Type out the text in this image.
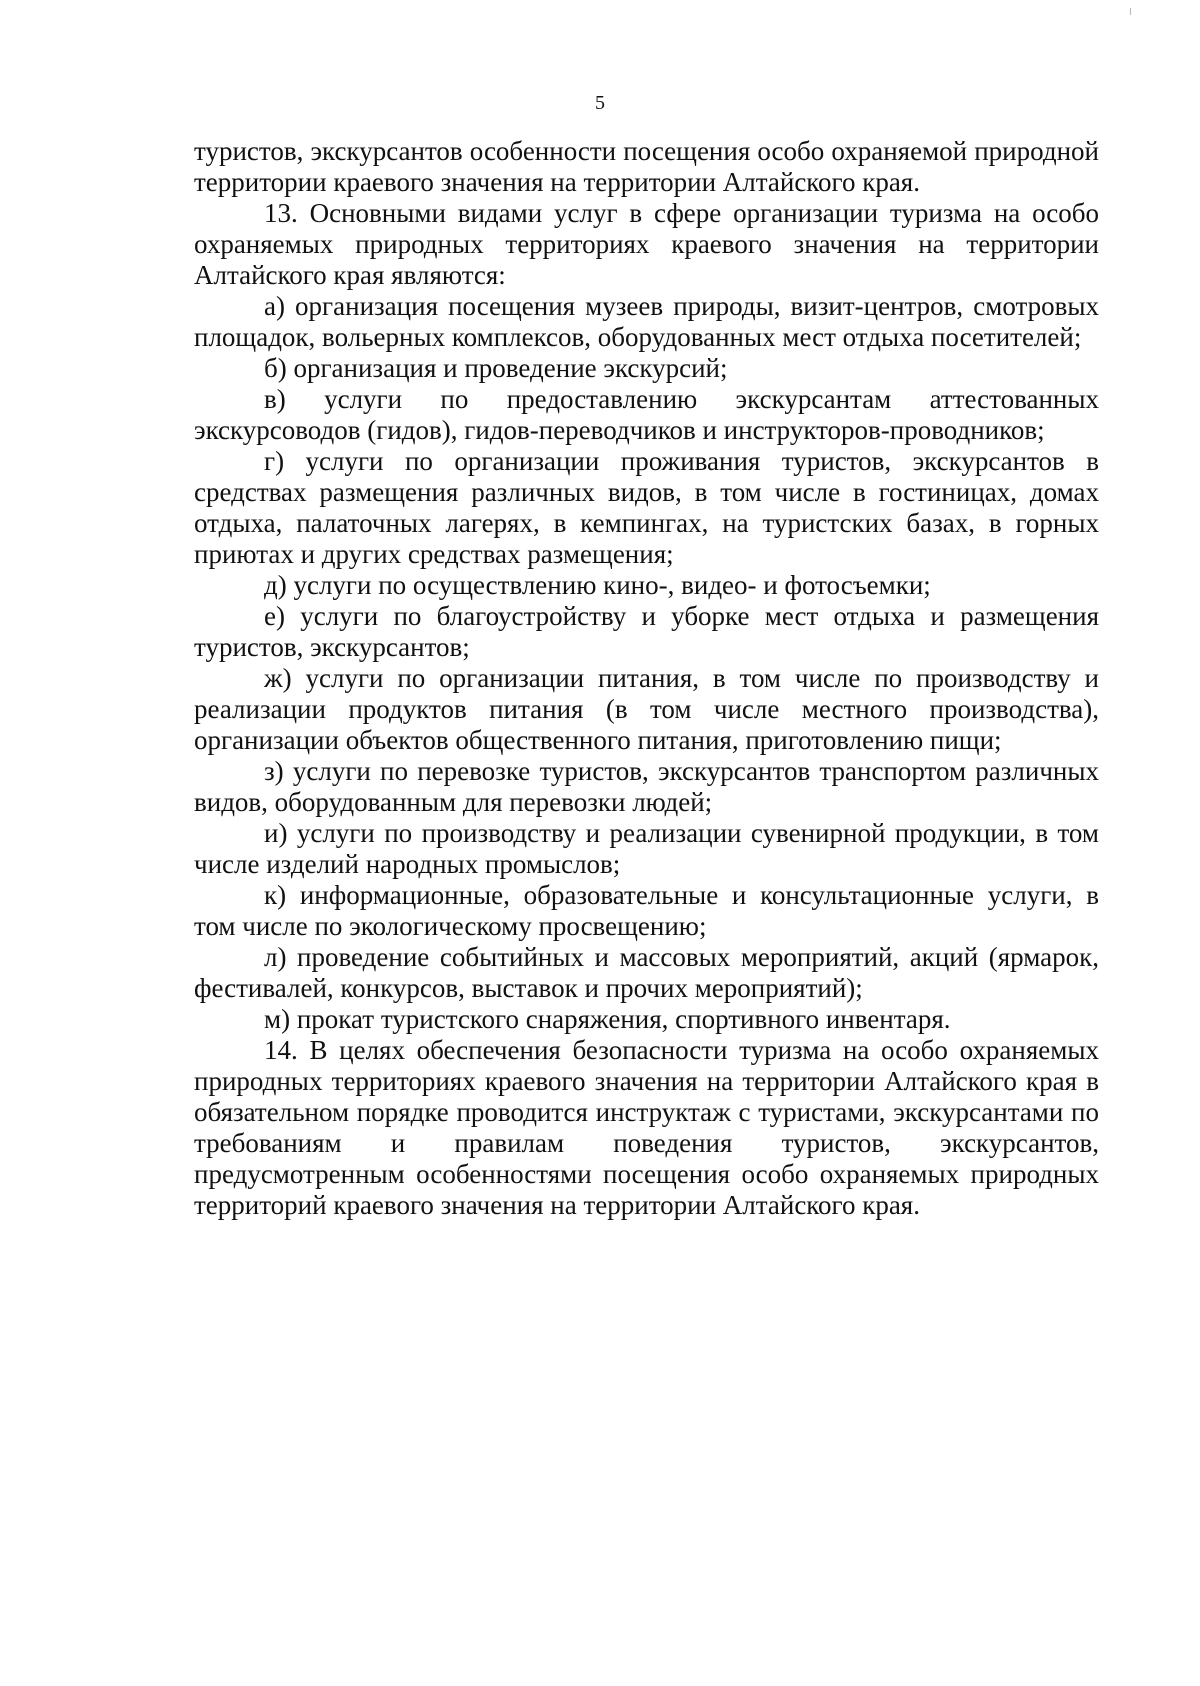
5

туристов, экскурсантов особенности посещения особо охраняемой природной территории краевого значения на территории Алтайского края.

13. Основными видами услуг в сфере организации туризма на особо охраняемых природных территориях краевого значения на территории Алтайского края являются:

а) организация посещения музеев природы, визит-центров, смотровых площадок, вольерных комплексов, оборудованных мест отдыха посетителей;

б) организация и проведение экскурсий;

в) услуги по предоставлению экскурсантам аттестованных экскурсоводов (гидов), гидов-переводчиков и инструкторов-проводников;

г) услуги по организации проживания туристов, экскурсантов в средствах размещения различных видов, в том числе в гостиницах, домах отдыха, палаточных лагерях, в кемпингах, на туристских базах, в горных приютах и других средствах размещения;

д) услуги по осуществлению кино-, видео- и фотосъемки;

е) услуги по благоустройству и уборке мест отдыха и размещения туристов, экскурсантов;

ж) услуги по организации питания, в том числе по производству и реализации продуктов питания (в том числе местного производства), организации объектов общественного питания, приготовлению пищи;

з) услуги по перевозке туристов, экскурсантов транспортом различных видов, оборудованным для перевозки людей;

и) услуги по производству и реализации сувенирной продукции, в том числе изделий народных промыслов;

к) информационные, образовательные и консультационные услуги, в том числе по экологическому просвещению;

л) проведение событийных и массовых мероприятий, акций (ярмарок, фестивалей, конкурсов, выставок и прочих мероприятий);

м) прокат туристского снаряжения, спортивного инвентаря.

14. В целях обеспечения безопасности туризма на особо охраняемых природных территориях краевого значения на территории Алтайского края в обязательном порядке проводится инструктаж с туристами, экскурсантами по требованиям и правилам поведения туристов, экскурсантов, предусмотренным особенностями посещения особо охраняемых природных территорий краевого значения на территории Алтайского края.
